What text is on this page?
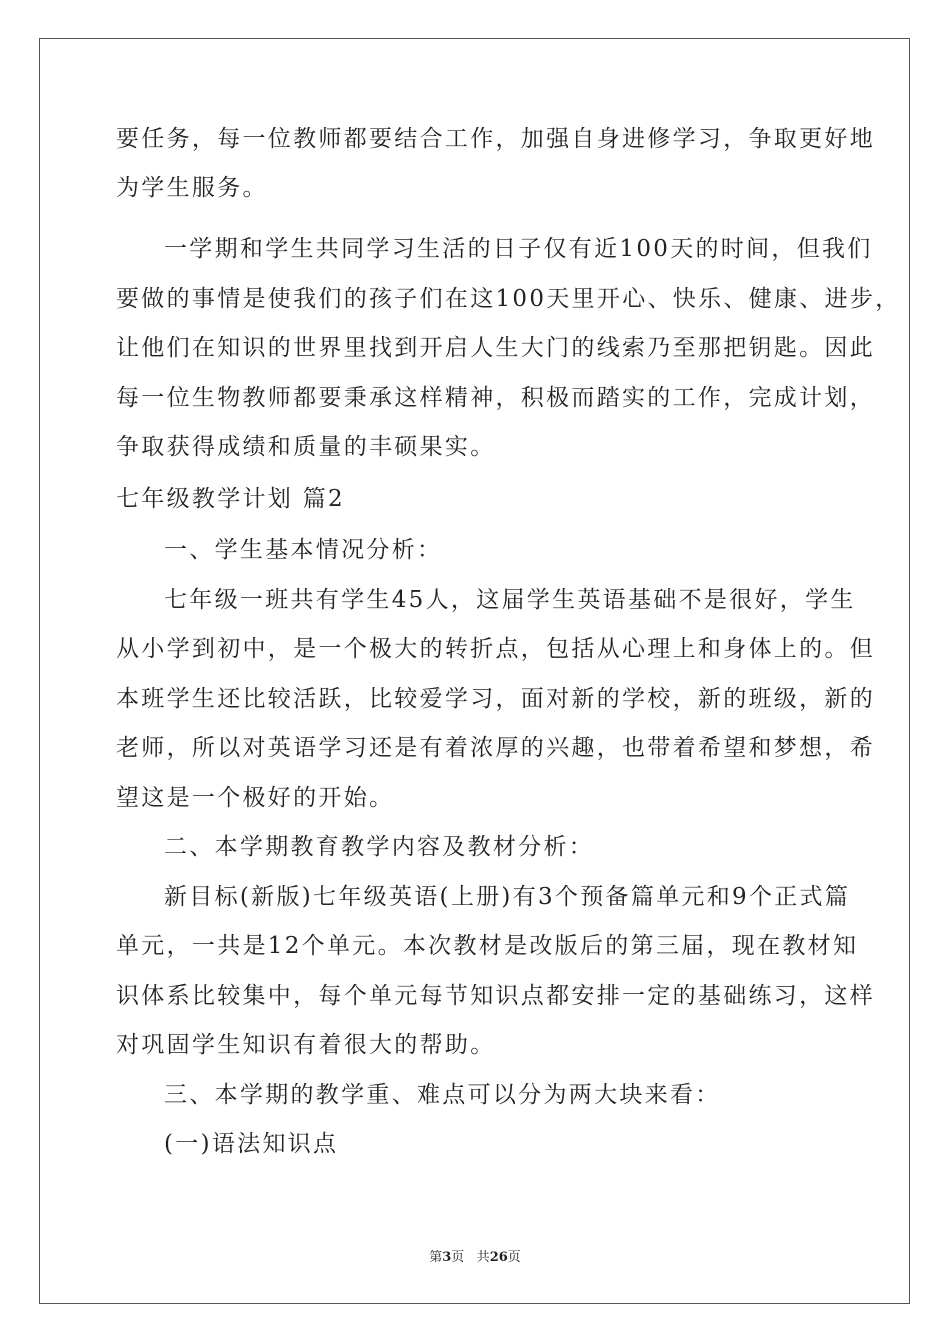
要任务，每一位教师都要结合工作，加强自身进修学习，争取更好地
为学生服务。
一学期和学生共同学习生活的日子仅有近100天的时间，但我们
要做的事情是使我们的孩子们在这100天里开心、快乐、健康、进步，
让他们在知识的世界里找到开启人生大门的线索乃至那把钥匙。因此
每一位生物教师都要秉承这样精神，积极而踏实的工作，完成计划，
争取获得成绩和质量的丰硕果实。
七年级教学计划 篇2
一、学生基本情况分析：
七年级一班共有学生45人，这届学生英语基础不是很好，学生
从小学到初中，是一个极大的转折点，包括从心理上和身体上的。但
本班学生还比较活跃，比较爱学习，面对新的学校，新的班级，新的
老师，所以对英语学习还是有着浓厚的兴趣，也带着希望和梦想，希
望这是一个极好的开始。
二、本学期教育教学内容及教材分析：
新目标(新版)七年级英语(上册)有3个预备篇单元和9个正式篇
单元，一共是12个单元。本次教材是改版后的第三届，现在教材知
识体系比较集中，每个单元每节知识点都安排一定的基础练习，这样
对巩固学生知识有着很大的帮助。
三、本学期的教学重、难点可以分为两大块来看：
(一)语法知识点
第3页 共26页
